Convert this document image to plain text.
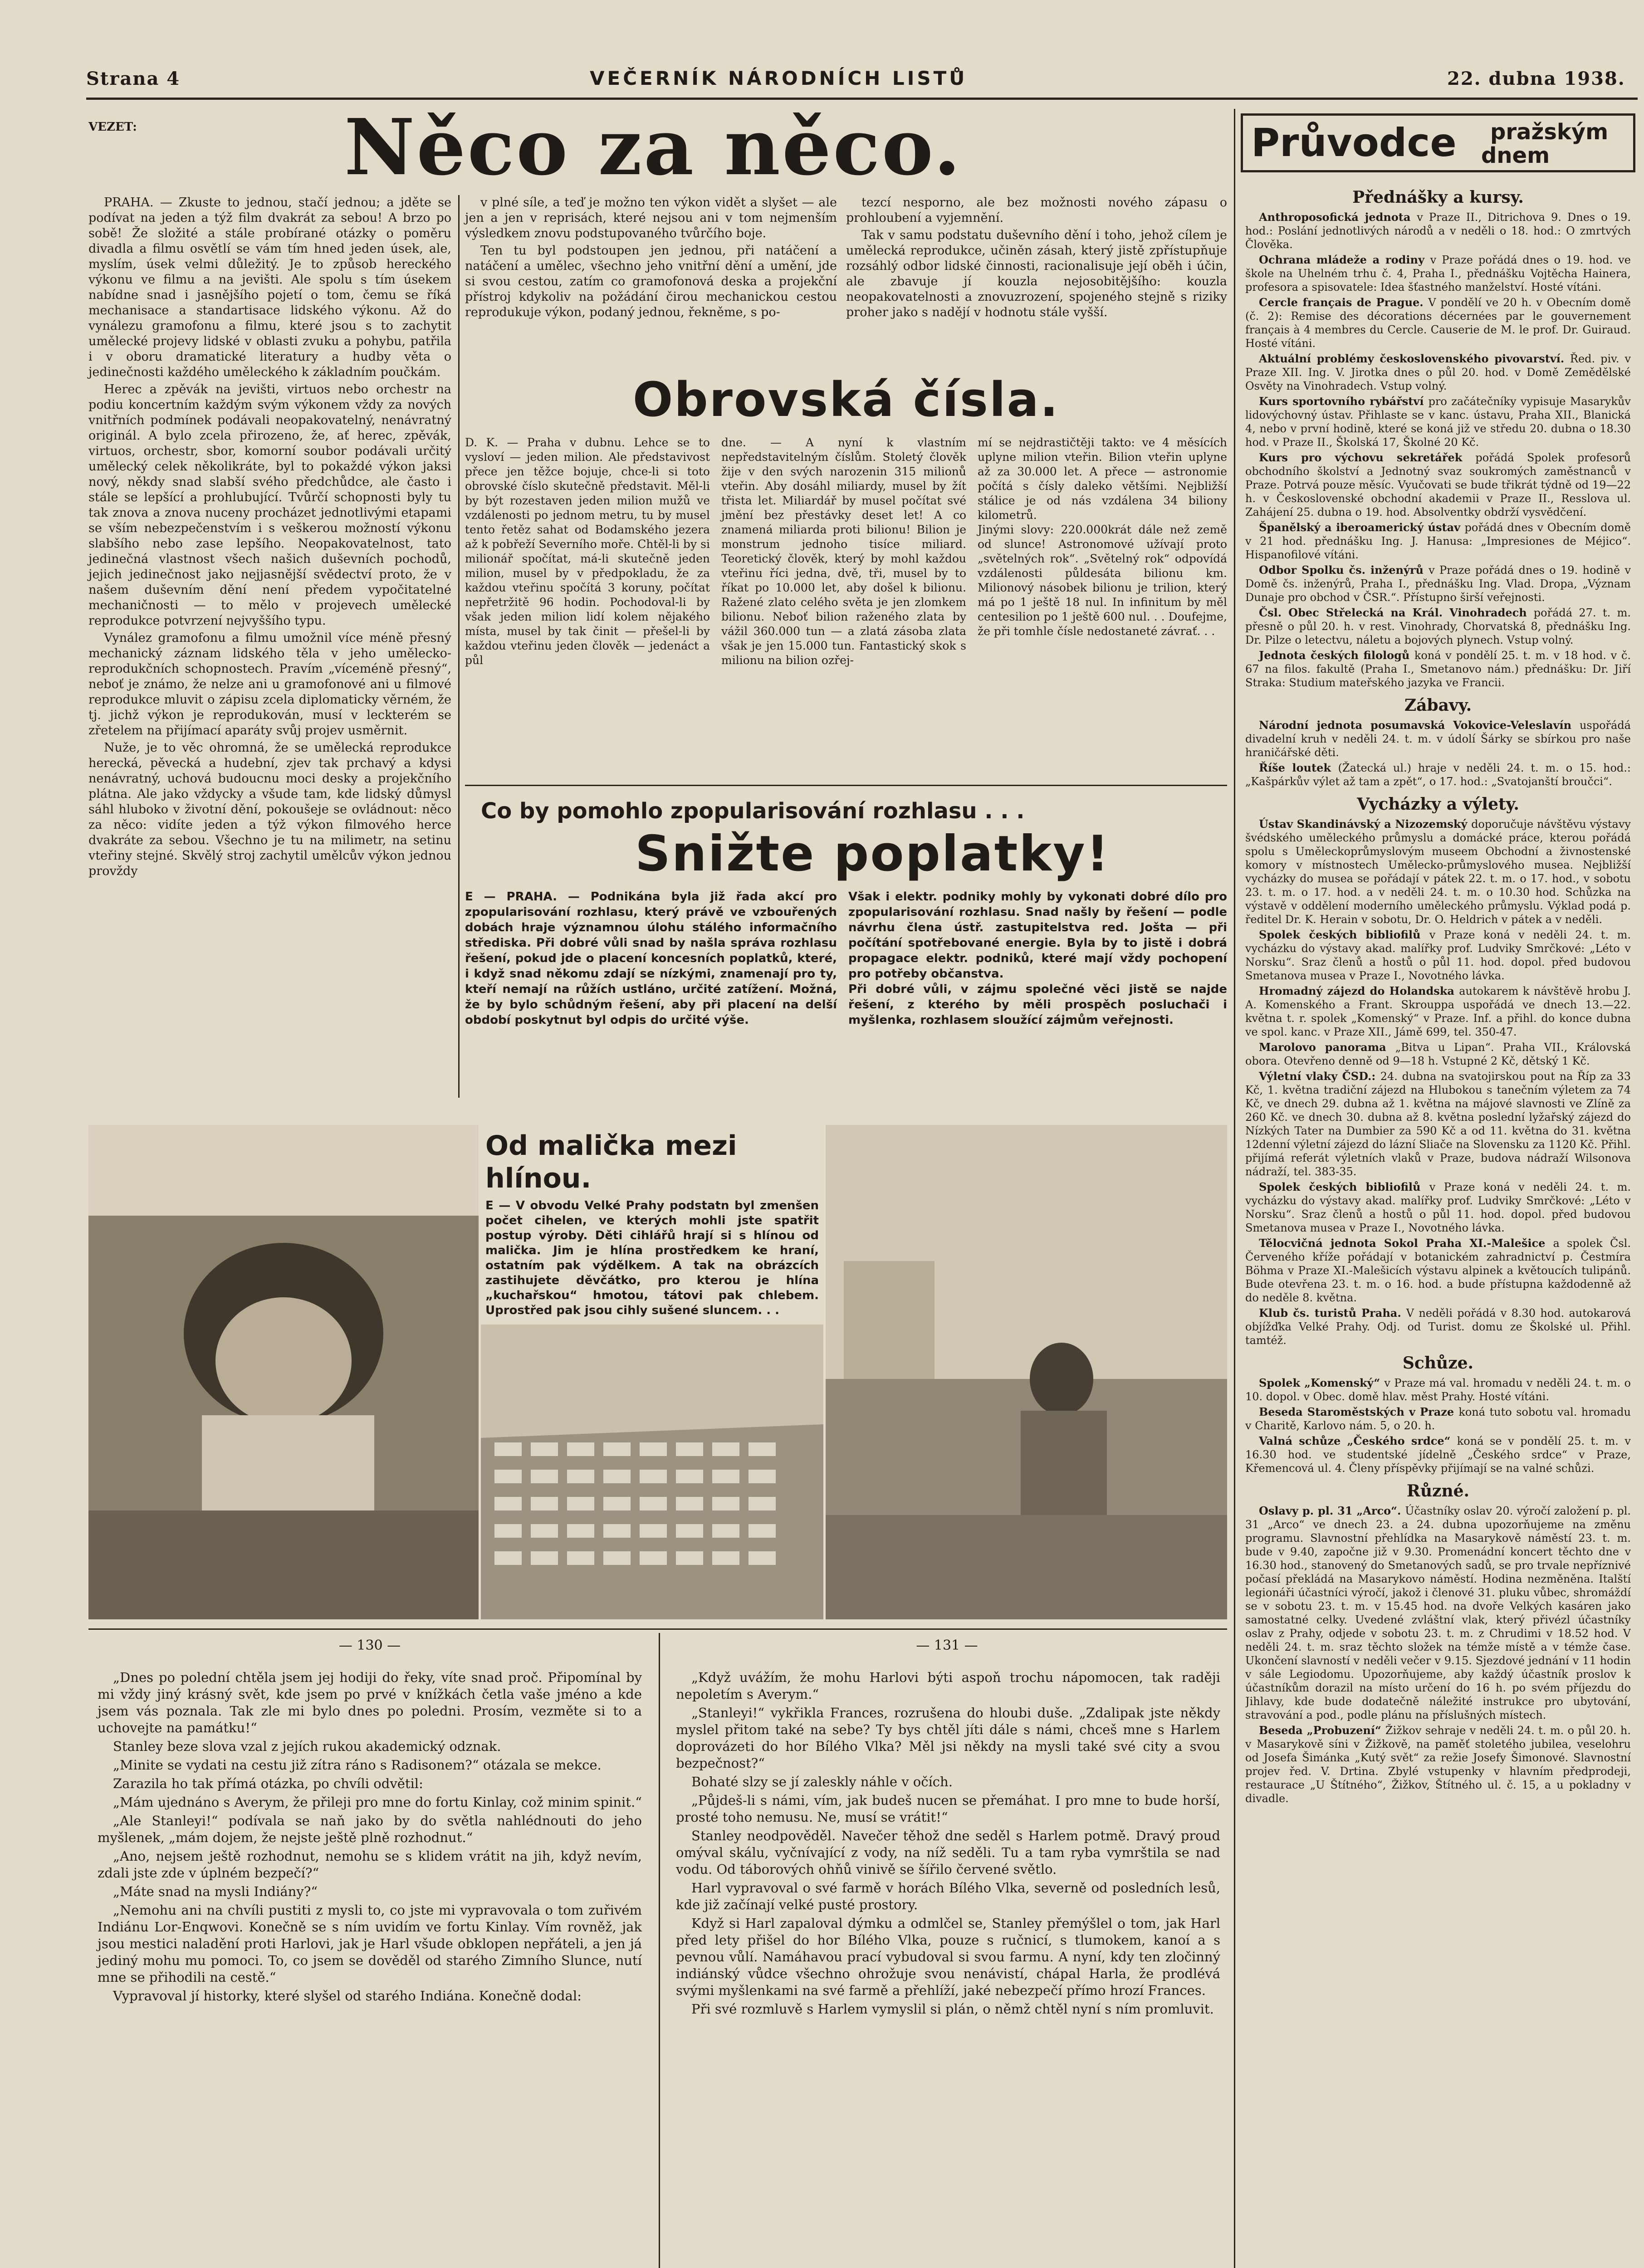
Strana 4	VEČERNÍK NÁRODNÍCH LISTŮ	22. dubna 1938.
VEZET:	Něco za něco.

PRAHA. — Zkuste to jednou, stačí jednou; a jděte se podívat na jeden a týž film dvakrát za sebou! A brzo po sobě! Že složité a stále probírané otázky o poměru divadla a filmu osvětlí se vám tím hned jeden úsek, ale, myslím, úsek velmi důležitý. Je to způsob hereckého výkonu ve filmu a na jevišti. Ale spolu s tím úsekem nabídne snad i jasnějšího pojetí o tom, čemu se říká mechanisace a standartisace lidského výkonu. Až do vynálezu gramofonu a filmu, které jsou s to zachytit umělecké projevy lidské v oblasti zvuku a pohybu, patřila i v oboru dramatické literatury a hudby věta o jedinečnosti každého uměleckého k základním poučkám.

Herec a zpěvák na jevišti, virtuos nebo orchestr na podiu koncertním každým svým výkonem vždy za nových vnitřních podmínek podávali neopakovatelný, nenávratný originál. A bylo zcela přirozeno, že, ať herec, zpěvák, virtuos, orchestr, sbor, komorní soubor podávali určitý umělecký celek několikráte, byl to pokaždé výkon jaksi nový, někdy snad slabší svého předchůdce, ale často i stále se lepšící a prohlubující. Tvůrčí schopnosti byly tu tak znova a znova nuceny procházet jednotlivými etapami se vším nebezpečenstvím i s veškerou možností výkonu slabšího nebo zase lepšího. Neopakovatelnost, tato jedinečná vlastnost všech našich duševních pochodů, jejich jedinečnost jako nejjasnější svědectví proto, že v našem duševním dění není předem vypočitatelné mechaničnosti — to mělo v projevech umělecké reprodukce potvrzení nejvyššího typu.

Vynález gramofonu a filmu umožnil více méně přesný mechanický záznam lidského těla v jeho umělecko-reprodukčních schopnostech. Pravím „víceméně přesný“, neboť je známo, že nelze ani u gramofonové ani u filmové reprodukce mluvit o zápisu zcela diplomaticky věrném, že tj. jichž výkon je reprodukován, musí v leckterém se zřetelem na přijímací aparáty svůj projev usměrnit.

Nuže, je to věc ohromná, že se umělecká reprodukce herecká, pěvecká a hudební, zjev tak prchavý a kdysi nenávratný, uchová budoucnu moci desky a projekčního plátna. Ale jako vždycky a všude tam, kde lidský důmysl sáhl hluboko v životní dění, pokoušeje se ovládnout: něco za něco: vidíte jeden a týž výkon filmového herce dvakráte za sebou. Všechno je tu na milimetr, na setinu vteřiny stejné. Skvělý stroj zachytil umělcův výkon jednou provždy

v plné síle, a teď je možno ten výkon vidět a slyšet — ale jen a jen v reprisách, které nejsou ani v tom nejmenším výsledkem znovu podstupovaného tvůrčího boje.

Ten tu byl podstoupen jen jednou, při natáčení a natáčení a umělec, všechno jeho vnitřní dění a umění, jde si svou cestou, zatím co gramofonová deska a projekční přístroj kdykoliv na požádání čirou mechanickou cestou reprodukuje výkon, podaný jednou, řekněme, s po-

tezcí nesporno, ale bez možnosti nového zápasu o prohloubení a vyjemnění.

Tak v samu podstatu duševního dění i toho, jehož cílem je umělecká reprodukce, učiněn zásah, který jistě zpřístupňuje rozsáhlý odbor lidské činnosti, racionalisuje její oběh i účin, ale zbavuje jí kouzla nejosobitějšího: kouzla neopakovatelnosti a znovuzrození, spojeného stejně s riziky proher jako s nadějí v hodnotu stále vyšší.

Obrovská čísla.
D. K. — Praha v dubnu. Lehce se to vysloví — jeden milion. Ale představivost přece jen těžce bojuje, chce-li si toto obrovské číslo skutečně představit. Měl-li by být rozestaven jeden milion mužů ve vzdálenosti po jednom metru, tu by musel tento řetěz sahat od Bodamského jezera až k pobřeží Severního moře. Chtěl-li by si milionář spočítat, má-li skutečně jeden milion, musel by v předpokladu, že za každou vteřinu spočítá 3 koruny, počítat nepřetržitě 96 hodin. Pochodoval-li by však jeden milion lidí kolem nějakého místa, musel by tak činit — přešel-li by každou vteřinu jeden člověk — jedenáct a půl
dne. — A nyní k vlastním nepředstavitelným číslům. Stoletý člověk žije v den svých narozenin 315 milionů vteřin. Aby dosáhl miliardy, musel by žít třista let. Miliardář by musel počítat své jmění bez přestávky deset let! A co znamená miliarda proti bilionu! Bilion je monstrum jednoho tisíce miliard. Teoretický člověk, který by mohl každou vteřinu říci jedna, dvě, tři, musel by to říkat po 10.000 let, aby došel k bilionu. Ražené zlato celého světa je jen zlomkem bilionu. Neboť bilion raženého zlata by vážil 360.000 tun — a zlatá zásoba zlata však je jen 15.000 tun. Fantastický skok s milionu na bilion ozřej-
mí se nejdrastičtěji takto: ve 4 měsících uplyne milion vteřin. Bilion vteřin uplyne až za 30.000 let. A přece — astronomie počítá s čísly daleko většími. Nejbližší stálice je od nás vzdálena 34 biliony kilometrů.
Jinými slovy: 220.000krát dále než země od slunce! Astronomové užívají proto „světelných rok“. „Světelný rok“ odpovídá vzdálenosti půldesáta bilionu km. Milionový násobek bilionu je trilion, který má po 1 ještě 18 nul. In infinitum by měl centesilion po 1 ještě 600 nul. . . Doufejme, že při tomhle čísle nedostaneté závrať. . .
Co by pomohlo zpopularisování rozhlasu . . .
Snižte poplatky!
E — PRAHA. — Podnikána byla již řada akcí pro zpopularisování rozhlasu, který právě ve vzbouřených dobách hraje významnou úlohu stálého informačního střediska. Při dobré vůli snad by našla správa rozhlasu řešení, pokud jde o placení koncesních poplatků, které, i když snad někomu zdají se nízkými, znamenají pro ty, kteří nemají na růžích ustláno, určité zatížení. Možná, že by bylo schůdným řešení, aby při placení na delší období poskytnut byl odpis do určité výše.
Však i elektr. podniky mohly by vykonati dobré dílo pro zpopularisování rozhlasu. Snad našly by řešení — podle návrhu člena ústř. zastupitelstva red. Jošta — při počítání spotřebované energie. Byla by to jistě i dobrá propagace elektr. podniků, které mají vždy pochopení pro potřeby občanstva.
Při dobré vůli, v zájmu společné věci jistě se najde řešení, z kterého by měli prospěch posluchači i myšlenka, rozhlasem sloužící zájmům veřejnosti.
Od malička mezi hlínou.
E — V obvodu Velké Prahy podstatn byl zmenšen počet cihelen, ve kterých mohli jste spatřit postup výroby. Děti cihlářů hrají si s hlínou od malička. Jim je hlína prostředkem ke hraní, ostatním pak výdělkem. A tak na obrázcích zastihujete děvčátko, pro kterou je hlína „kuchařskou“ hmotou, tátovi pak chlebem. Uprostřed pak jsou cihly sušené sluncem. . .
— 130 —	— 131 —

„Dnes po polední chtěla jsem jej hodiji do řeky, víte snad proč. Připomínal by mi vždy jiný krásný svět, kde jsem po prvé v knížkách četla vaše jméno a kde jsem vás poznala. Tak zle mi bylo dnes po poledni. Prosím, vezměte si to a uchovejte na památku!“

Stanley beze slova vzal z jejích rukou akademický odznak.

„Minite se vydati na cestu již zítra ráno s Radisonem?“ otázala se mekce.

Zarazila ho tak přímá otázka, po chvíli odvětil:

„Mám ujednáno s Averym, že přileji pro mne do fortu Kinlay, což minim spinit.“

„Ale Stanleyi!“ podívala se naň jako by do světla nahlédnouti do jeho myšlenek, „mám dojem, že nejste ještě plně rozhodnut.“

„Ano, nejsem ještě rozhodnut, nemohu se s klidem vrátit na jih, když nevím, zdali jste zde v úplném bezpečí?“

„Máte snad na mysli Indiány?“

„Nemohu ani na chvíli pustiti z mysli to, co jste mi vypravovala o tom zuřivém Indiánu Lor-Enqwovi. Konečně se s ním uvidím ve fortu Kinlay. Vím rovněž, jak jsou mestici naladění proti Harlovi, jak je Harl všude obklopen nepřáteli, a jen já jediný mohu mu pomoci. To, co jsem se dověděl od starého Zimního Slunce, nutí mne se přihodili na cestě.“

Vypravoval jí historky, které slyšel od starého Indiána. Konečně dodal:

„Když uvážím, že mohu Harlovi býti aspoň trochu nápomocen, tak raději nepoletím s Averym.“

„Stanleyi!“ vykřikla Frances, rozrušena do hloubi duše. „Zdalipak jste někdy myslel přitom také na sebe? Ty bys chtěl jíti dále s námi, chceš mne s Harlem doprovázeti do hor Bílého Vlka? Měl jsi někdy na mysli také své city a svou bezpečnost?“

Bohaté slzy se jí zaleskly náhle v očích.

„Půjdeš-li s námi, vím, jak budeš nucen se přemáhat. I pro mne to bude horší, prosté toho nemusu. Ne, musí se vrátit!“

Stanley neodpověděl. Navečer těhož dne seděl s Harlem potmě. Dravý proud omýval skálu, vyčnívající z vody, na níž seděli. Tu a tam ryba vymrštila se nad vodu. Od táborových ohňů vinivě se šířilo červené světlo.

Harl vypravoval o své farmě v horách Bílého Vlka, severně od posledních lesů, kde již začínají velké pusté prostory.

Když si Harl zapaloval dýmku a odmlčel se, Stanley přemýšlel o tom, jak Harl před lety přišel do hor Bílého Vlka, pouze s ručnicí, s tlumokem, kanoí a s pevnou vůlí. Namáhavou prací vybudoval si svou farmu. A nyní, kdy ten zločinný indiánský vůdce všechno ohrožuje svou nenávistí, chápal Harla, že prodlévá svými myšlenkami na své farmě a přehlíží, jaké nebezpečí přímo hrozí Frances.

Při své rozmluvě s Harlem vymyslil si plán, o němž chtěl nyní s ním promluvit.

Průvodce pražským
dnem
Přednášky a kursy.

Anthroposofická jednota v Praze II., Ditrichova 9. Dnes o 19. hod.: Poslání jednotlivých národů a v neděli o 18. hod.: O zmrtvých Člověka.

Ochrana mládeže a rodiny v Praze pořádá dnes o 19. hod. ve škole na Uhelném trhu č. 4, Praha I., přednášku Vojtěcha Hainera, profesora a spisovatele: Idea šťastného manželství. Hosté vítáni.

Cercle français de Prague. V pondělí ve 20 h. v Obecním domě (č. 2): Remise des décorations décernées par le gouvernement français à 4 membres du Cercle. Causerie de M. le prof. Dr. Guiraud. Hosté vítáni.

Aktuální problémy československého pivovarství. Řed. piv. v Praze XII. Ing. V. Jirotka dnes o půl 20. hod. v Domě Zemědělské Osvěty na Vinohradech. Vstup volný.

Kurs sportovního rybářství pro začátečníky vypisuje Masarykův lidovýchovný ústav. Přihlaste se v kanc. ústavu, Praha XII., Blanická 4, nebo v první hodině, které se koná již ve středu 20. dubna o 18.30 hod. v Praze II., Školská 17, Školné 20 Kč.

Kurs pro výchovu sekretářek pořádá Spolek profesorů obchodního školství a Jednotný svaz soukromých zaměstnanců v Praze. Potrvá pouze měsíc. Vyučovati se bude třikrát týdně od 19—22 h. v Československé obchodní akademii v Praze II., Resslova ul. Zahájení 25. dubna o 19. hod. Absolventky obdrží vysvědčení.

Španělský a iberoamerický ústav pořádá dnes v Obecním domě v 21 hod. přednášku Ing. J. Hanusa: „Impresiones de Méjico“. Hispanofilové vítáni.

Odbor Spolku čs. inženýrů v Praze pořádá dnes o 19. hodině v Domě čs. inženýrů, Praha I., přednášku Ing. Vlad. Dropa, „Význam Dunaje pro obchod v ČSR.“. Přístupno širší veřejnosti.

Čsl. Obec Střelecká na Král. Vinohradech pořádá 27. t. m. přesně o půl 20. h. v rest. Vinohrady, Chorvatská 8, přednášku Ing. Dr. Pilze o letectvu, náletu a bojových plynech. Vstup volný.

Jednota českých filologů koná v pondělí 25. t. m. v 18 hod. v č. 67 na filos. fakultě (Praha I., Smetanovo nám.) přednášku: Dr. Jiří Straka: Studium mateřského jazyka ve Francii.

Zábavy.

Národní jednota posumavská Vokovice-Veleslavín uspořádá divadelní kruh v neděli 24. t. m. v údolí Šárky se sbírkou pro naše hraničářské děti.

Říše loutek (Žatecká ul.) hraje v neděli 24. t. m. o 15. hod.: „Kašpárkův výlet až tam a zpět“, o 17. hod.: „Svatojanští broučci“.

Vycházky a výlety.

Ústav Skandinávský a Nizozemský doporučuje návštěvu výstavy švédského uměleckého průmyslu a domácké práce, kterou pořádá spolu s Uměleckoprůmyslovým museem Obchodní a živnostenské komory v místnostech Umělecko-průmyslového musea. Nejbližší vycházky do musea se pořádají v pátek 22. t. m. o 17. hod., v sobotu 23. t. m. o 17. hod. a v neděli 24. t. m. o 10.30 hod. Schůzka na výstavě v oddělení moderního uměleckého průmyslu. Výklad podá p. ředitel Dr. K. Herain v sobotu, Dr. O. Heldrich v pátek a v neděli.

Spolek českých bibliofilů v Praze koná v neděli 24. t. m. vycházku do výstavy akad. malířky prof. Ludviky Smrčkové: „Léto v Norsku“. Sraz členů a hostů o půl 11. hod. dopol. před budovou Smetanova musea v Praze I., Novotného lávka.

Hromadný zájezd do Holandska autokarem k návštěvě hrobu J. A. Komenského a Frant. Skrouppa uspořádá ve dnech 13.—22. května t. r. spolek „Komenský“ v Praze. Inf. a přihl. do konce dubna ve spol. kanc. v Praze XII., Jámě 699, tel. 350-47.

Marolovo panorama „Bitva u Lipan“. Praha VII., Královská obora. Otevřeno denně od 9—18 h. Vstupné 2 Kč, dětský 1 Kč.

Výletní vlaky ČSD.: 24. dubna na svatojirskou pout na Říp za 33 Kč, 1. května tradiční zájezd na Hlubokou s tanečním výletem za 74 Kč, ve dnech 29. dubna až 1. května na májové slavnosti ve Zlíně za 260 Kč. ve dnech 30. dubna až 8. května poslední lyžařský zájezd do Nízkých Tater na Dumbier za 590 Kč a od 11. května do 31. května 12denní výletní zájezd do lázní Sliače na Slovensku za 1120 Kč. Přihl. přijímá referát výletních vlaků v Praze, budova nádraží Wilsonova nádraží, tel. 383-35.

Spolek českých bibliofilů v Praze koná v neděli 24. t. m. vycházku do výstavy akad. malířky prof. Ludviky Smrčkové: „Léto v Norsku“. Sraz členů a hostů o půl 11. hod. dopol. před budovou Smetanova musea v Praze I., Novotného lávka.

Tělocvičná jednota Sokol Praha XI.-Malešice a spolek Čsl. Červeného kříže pořádají v botanickém zahradnictví p. Čestmíra Böhma v Praze XI.-Malešicích výstavu alpinek a květoucích tulipánů. Bude otevřena 23. t. m. o 16. hod. a bude přístupna každodenně až do neděle 8. května.

Klub čs. turistů Praha. V neděli pořádá v 8.30 hod. autokarová objížďka Velké Prahy. Odj. od Turist. domu ze Školské ul. Přihl. tamtéž.

Schůze.

Spolek „Komenský“ v Praze má val. hromadu v neděli 24. t. m. o 10. dopol. v Obec. domě hlav. měst Prahy. Hosté vítáni.

Beseda Staroměstských v Praze koná tuto sobotu val. hromadu v Charitě, Karlovo nám. 5, o 20. h.

Valná schůze „Českého srdce“ koná se v pondělí 25. t. m. v 16.30 hod. ve studentské jídelně „Českého srdce“ v Praze, Křemencová ul. 4. Členy příspěvky přijímají se na valné schůzi.

Různé.

Oslavy p. pl. 31 „Arco“. Účastníky oslav 20. výročí založení p. pl. 31 „Arco“ ve dnech 23. a 24. dubna upozorňujeme na změnu programu. Slavnostní přehlídka na Masarykově náměstí 23. t. m. bude v 9.40, započne již v 9.30. Promenádní koncert těchto dne v 16.30 hod., stanovený do Smetanových sadů, se pro trvale nepříznivé počasí překládá na Masarykovo náměstí. Hodina nezměněna. Italští legionáři účastníci výročí, jakož i členové 31. pluku vůbec, shromáždí se v sobotu 23. t. m. v 15.45 hod. na dvoře Velkých kasáren jako samostatné celky. Uvedené zvláštní vlak, který přivézl účastníky oslav z Prahy, odjede v sobotu 23. t. m. z Chrudimi v 18.52 hod. V neděli 24. t. m. sraz těchto složek na témže místě a v témže čase. Ukončení slavností v neděli večer v 9.15. Sjezdové jednání v 11 hodin v sále Legiodomu. Upozorňujeme, aby každý účastník proslov k účastníkům dorazil na místo určení do 16 h. po svém příjezdu do Jihlavy, kde bude dodatečně náležité instrukce pro ubytování, stravování a pod., podle plánu na příslušných místech.

Beseda „Probuzení“ Žižkov sehraje v neděli 24. t. m. o půl 20. h. v Masarykově síni v Žižkově, na paměť stoletého jubilea, veselohru od Josefa Šimánka „Kutý svět“ za režie Josefy Šimonové. Slavnostní projev řed. V. Drtina. Zbylé vstupenky v hlavním předprodeji, restaurace „U Štítného“, Žižkov, Štítného ul. č. 15, a u pokladny v divadle.
